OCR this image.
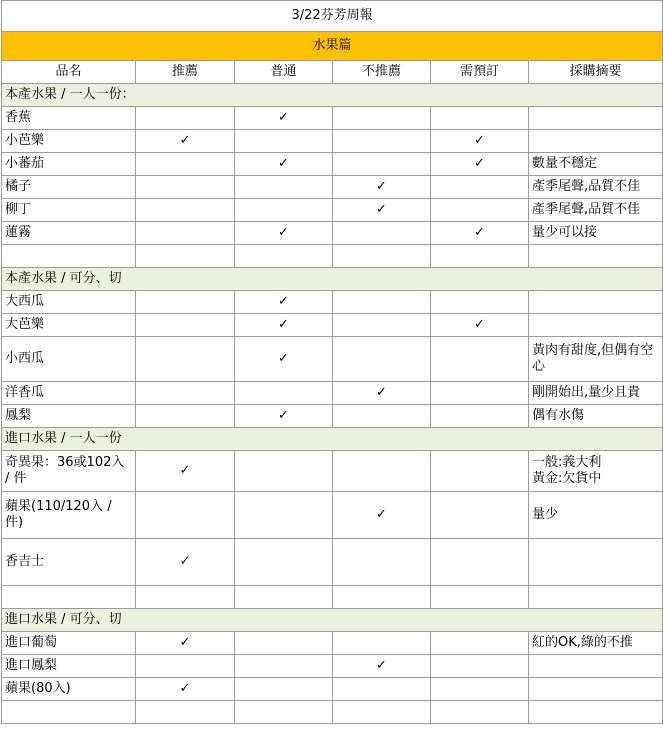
3/22芬芳周報					
水果篇					
品名	推薦	普通	不推薦	需預訂	採購摘要
本產水果 / 一人一份：					
香蕉		✓			
小芭樂	✓			✓	
小蕃茄		✓		✓	數量不穩定
橘子			✓		產季尾聲,品質不佳
柳丁			✓		產季尾聲,品質不佳
蓮霧		✓		✓	量少可以接

本產水果 / 可分、切					
大西瓜		✓			
大芭樂		✓		✓	
小西瓜		✓			黃肉有甜度,但偶有空心
洋香瓜			✓		剛開始出,量少且貴
鳳梨		✓			偶有水傷
進口水果 / 一人一份					
奇異果：36或102入 / 件	✓				一般:義大利
黃金:欠貨中
蘋果(110/120入 / 件)			✓		量少
香吉士	✓				

進口水果 / 可分、切					
進口葡萄	✓				紅的OK,綠的不推
進口鳳梨			✓		
蘋果(80入)	✓				
